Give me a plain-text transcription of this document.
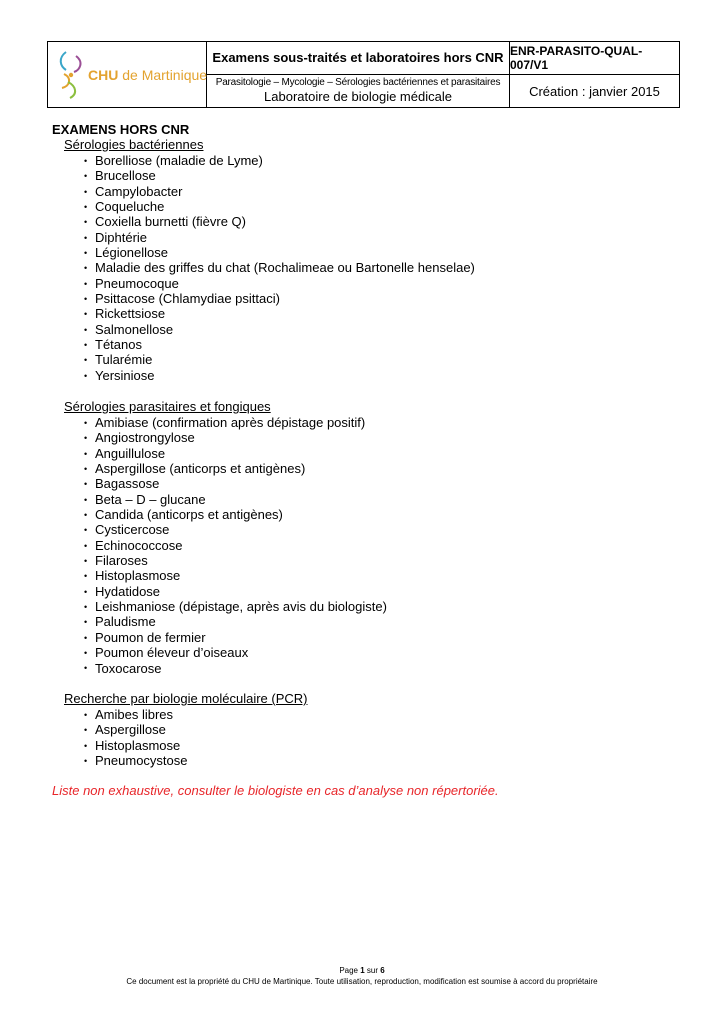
CHU de Martinique
Examens sous-traités et laboratoires hors CNR
Parasitologie – Mycologie – Sérologies bactériennes et parasitaires
Laboratoire de biologie médicale
ENR-PARASITO-QUAL-007/V1
Création : janvier 2015
EXAMENS HORS CNR
Sérologies bactériennes
• Borelliose (maladie de Lyme)
• Brucellose
• Campylobacter
• Coqueluche
• Coxiella burnetti (fièvre Q)
• Diphtérie
• Légionellose
• Maladie des griffes du chat (Rochalimeae ou Bartonelle henselae)
• Pneumocoque
• Psittacose (Chlamydiae psittaci)
• Rickettsiose
• Salmonellose
• Tétanos
• Tularémie
• Yersiniose
Sérologies parasitaires et fongiques
• Amibiase (confirmation après dépistage positif)
• Angiostrongylose
• Anguillulose
• Aspergillose (anticorps et antigènes)
• Bagassose
• Beta – D – glucane
• Candida (anticorps et antigènes)
• Cysticercose
• Echinococcose
• Filaroses
• Histoplasmose
• Hydatidose
• Leishmaniose (dépistage, après avis du biologiste)
• Paludisme
• Poumon de fermier
• Poumon éleveur d’oiseaux
• Toxocarose
Recherche par biologie moléculaire (PCR)
• Amibes libres
• Aspergillose
• Histoplasmose
• Pneumocystose
Liste non exhaustive, consulter le biologiste en cas d’analyse non répertoriée.
Page 1 sur 6
Ce document est la propriété du CHU de Martinique. Toute utilisation, reproduction, modification est soumise à accord du propriétaire
